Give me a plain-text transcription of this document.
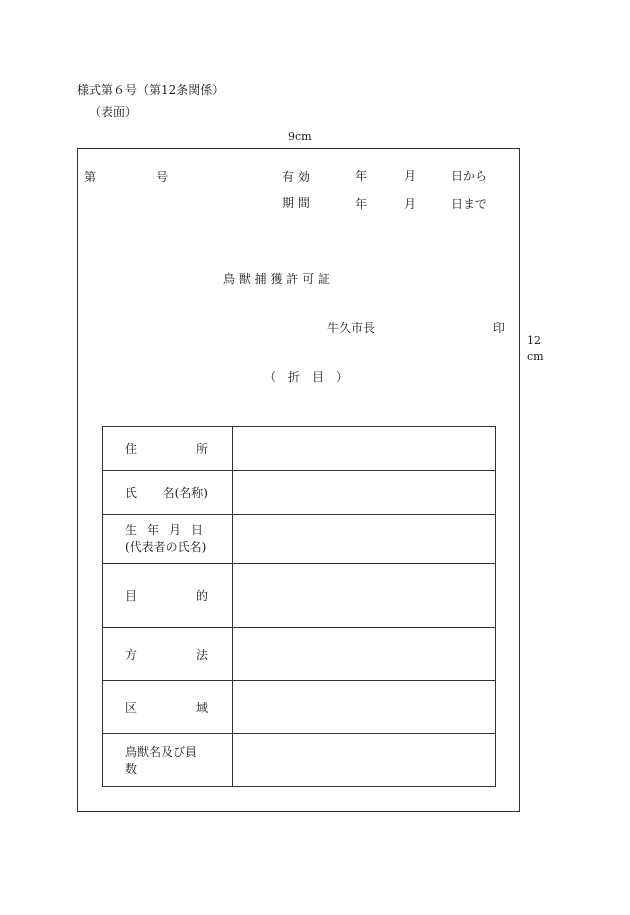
様式第６号（第12条関係）
（表面）
9cm
第	号	有 効	年	月	日から
期 間	年	月	日まで
鳥 獣 捕 獲 許 可 証
牛久市長	印
（　折　目　）
住 所	

氏 名(名称)	

生 年 月 日
(代表者の氏名)	

目 的	

方 法	

区 域	

鳥獣名及び員数	
12
cm
